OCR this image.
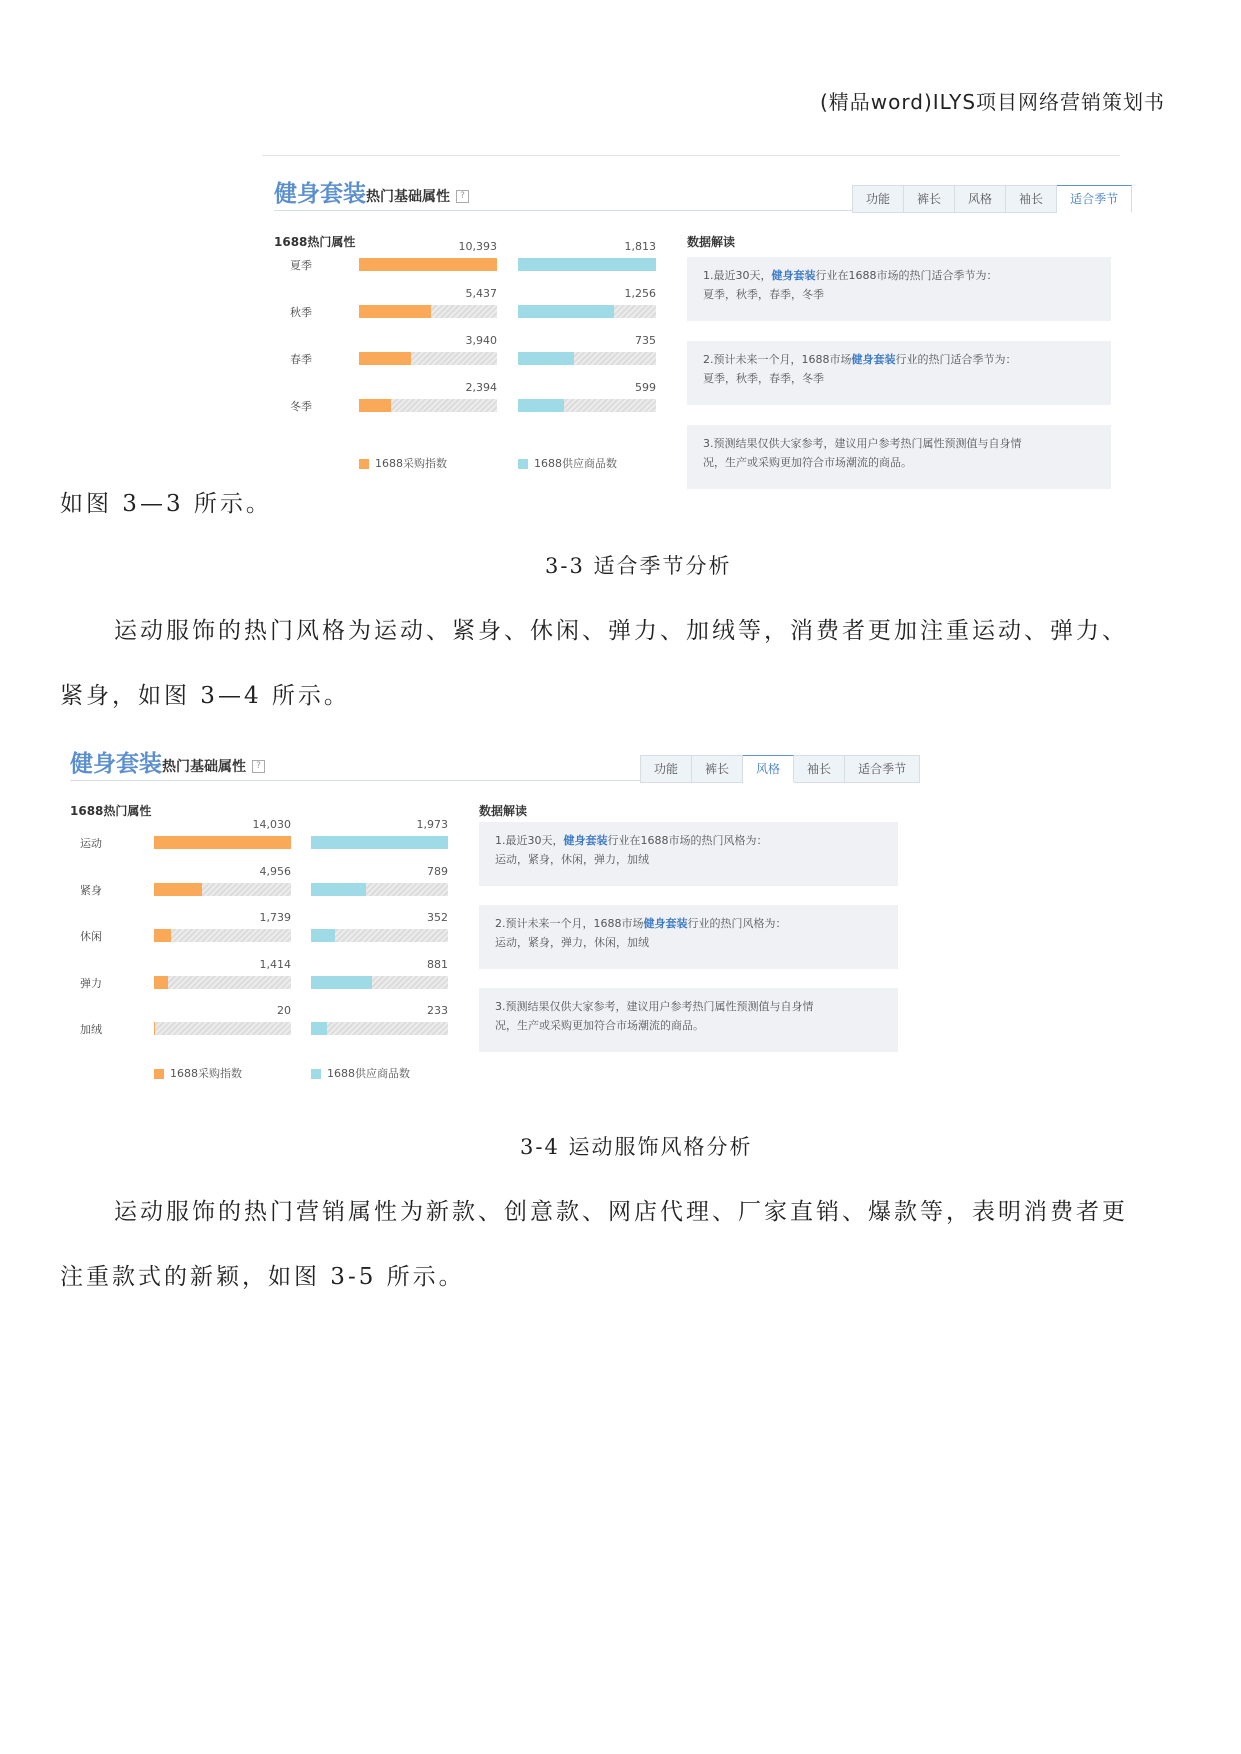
(精品word)ILYS项目网络营销策划书
健身套装热门基础属性 ?	功能	裤长	风格	袖长	适合季节
1688热门属性
夏季
10,393	1,813
秋季
5,437	1,256
春季
3,940	735
冬季
2,394	599
1688采购指数	1688供应商品数
数据解读
1.最近30天，健身套装行业在1688市场的热门适合季节为：
夏季，秋季，春季，冬季
2.预计未来一个月，1688市场健身套装行业的热门适合季节为：
夏季，秋季，春季，冬季
3.预测结果仅供大家参考，建议用户参考热门属性预测值与自身情
况，生产或采购更加符合市场潮流的商品。
如图 3—3 所示。
3-3 适合季节分析
运动服饰的热门风格为运动、紧身、休闲、弹力、加绒等，消费者更加注重运动、弹力、
紧身，如图 3—4 所示。
健身套装热门基础属性 ?	功能	裤长	风格	袖长	适合季节
1688热门属性
运动
14,030	1,973
紧身
4,956	789
休闲
1,739	352
弹力
1,414	881
加绒
20	233
1688采购指数	1688供应商品数
数据解读
1.最近30天，健身套装行业在1688市场的热门风格为：
运动，紧身，休闲，弹力，加绒
2.预计未来一个月，1688市场健身套装行业的热门风格为：
运动，紧身，弹力，休闲，加绒
3.预测结果仅供大家参考，建议用户参考热门属性预测值与自身情
况，生产或采购更加符合市场潮流的商品。
3-4 运动服饰风格分析
运动服饰的热门营销属性为新款、创意款、网店代理、厂家直销、爆款等，表明消费者更
注重款式的新颖，如图 3-5 所示。
